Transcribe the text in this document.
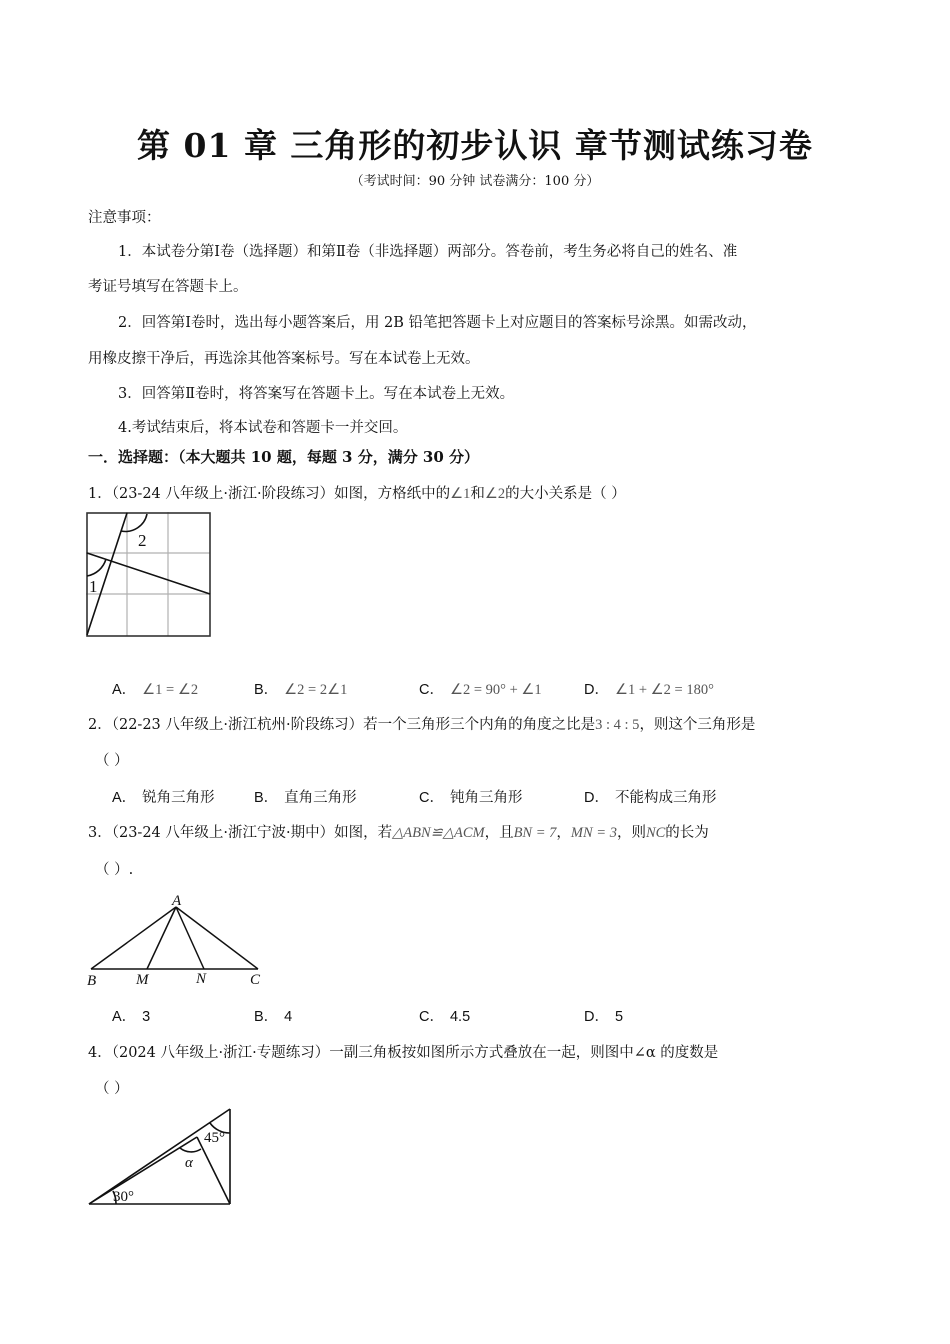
第 01 章 三角形的初步认识 章节测试练习卷
（考试时间：90 分钟 试卷满分：100 分）
注意事项：
1．本试卷分第Ⅰ卷（选择题）和第Ⅱ卷（非选择题）两部分。答卷前，考生务必将自己的姓名、准
考证号填写在答题卡上。
2．回答第Ⅰ卷时，选出每小题答案后，用 2B 铅笔把答题卡上对应题目的答案标号涂黑。如需改动，
用橡皮擦干净后，再选涂其他答案标号。写在本试卷上无效。
3．回答第Ⅱ卷时，将答案写在答题卡上。写在本试卷上无效。
4.考试结束后，将本试卷和答题卡一并交回。
一．选择题：（本大题共 10 题，每题 3 分，满分 30 分）
1．（23-24 八年级上·浙江·阶段练习）如图，方格纸中的∠1和∠2的大小关系是（ ）
2
1
A． ∠1 = ∠2	B． ∠2 = 2∠1	C． ∠2 = 90° + ∠1	D． ∠1 + ∠2 = 180°
2．（22-23 八年级上·浙江杭州·阶段练习）若一个三角形三个内角的角度之比是3 : 4 : 5，则这个三角形是
（ ）
A． 锐角三角形	B． 直角三角形	C． 钝角三角形	D． 不能构成三角形
3．（23-24 八年级上·浙江宁波·期中）如图，若△ABN≌△ACM，且BN = 7，MN = 3，则NC的长为
（ ）.
A
B	M	N	C
A． 3	B． 4	C． 4.5	D． 5
4．（2024 八年级上·浙江·专题练习）一副三角板按如图所示方式叠放在一起，则图中∠α 的度数是
（ ）
45°
α
30°
